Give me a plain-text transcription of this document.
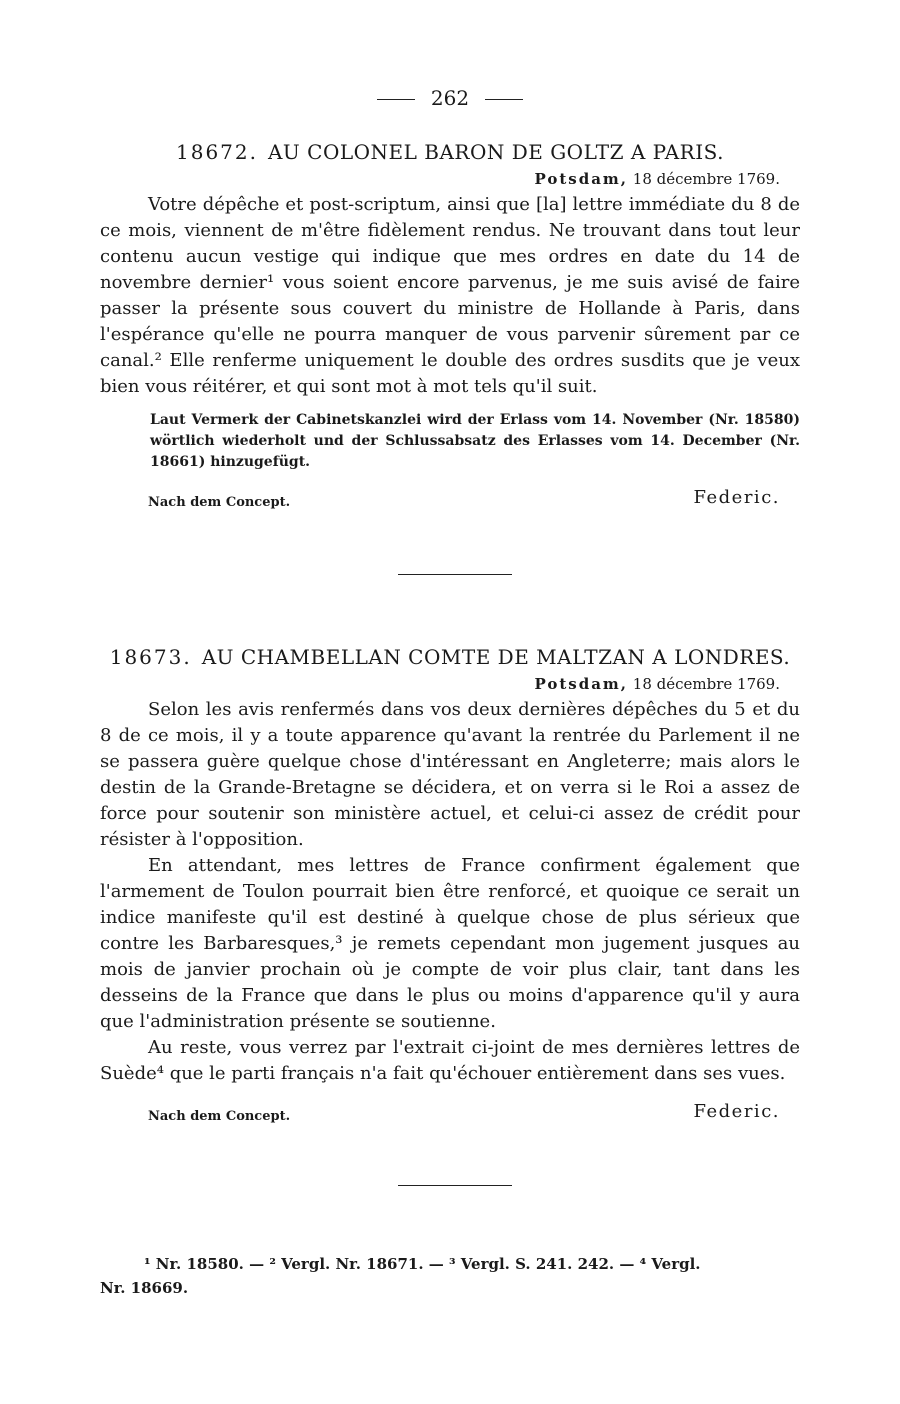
262
18672. AU COLONEL BARON DE GOLTZ A PARIS.
Potsdam, 18 décembre 1769.

Votre dépêche et post-scriptum, ainsi que [la] lettre immédiate du 8 de ce mois, viennent de m'être fidèlement rendus. Ne trouvant dans tout leur contenu aucun vestige qui indique que mes ordres en date du 14 de novembre dernier¹ vous soient encore parvenus, je me suis avisé de faire passer la présente sous couvert du ministre de Hollande à Paris, dans l'espérance qu'elle ne pourra manquer de vous parvenir sûrement par ce canal.² Elle renferme uniquement le double des ordres susdits que je veux bien vous réitérer, et qui sont mot à mot tels qu'il suit.

Laut Vermerk der Cabinetskanzlei wird der Erlass vom 14. November (Nr. 18580) wörtlich wiederholt und der Schlussabsatz des Erlasses vom 14. December (Nr. 18661) hinzugefügt.
Nach dem Concept.	Federic.
18673. AU CHAMBELLAN COMTE DE MALTZAN A LONDRES.
Potsdam, 18 décembre 1769.

Selon les avis renfermés dans vos deux dernières dépêches du 5 et du 8 de ce mois, il y a toute apparence qu'avant la rentrée du Parlement il ne se passera guère quelque chose d'intéressant en Angleterre; mais alors le destin de la Grande-Bretagne se décidera, et on verra si le Roi a assez de force pour soutenir son ministère actuel, et celui-ci assez de crédit pour résister à l'opposition.

En attendant, mes lettres de France confirment également que l'armement de Toulon pourrait bien être renforcé, et quoique ce serait un indice manifeste qu'il est destiné à quelque chose de plus sérieux que contre les Barbaresques,³ je remets cependant mon jugement jusques au mois de janvier prochain où je compte de voir plus clair, tant dans les desseins de la France que dans le plus ou moins d'apparence qu'il y aura que l'administration présente se soutienne.

Au reste, vous verrez par l'extrait ci-joint de mes dernières lettres de Suède⁴ que le parti français n'a fait qu'échouer entièrement dans ses vues.

Nach dem Concept.	Federic.
¹ Nr. 18580. — ² Vergl. Nr. 18671. — ³ Vergl. S. 241. 242. — ⁴ Vergl.
Nr. 18669.
